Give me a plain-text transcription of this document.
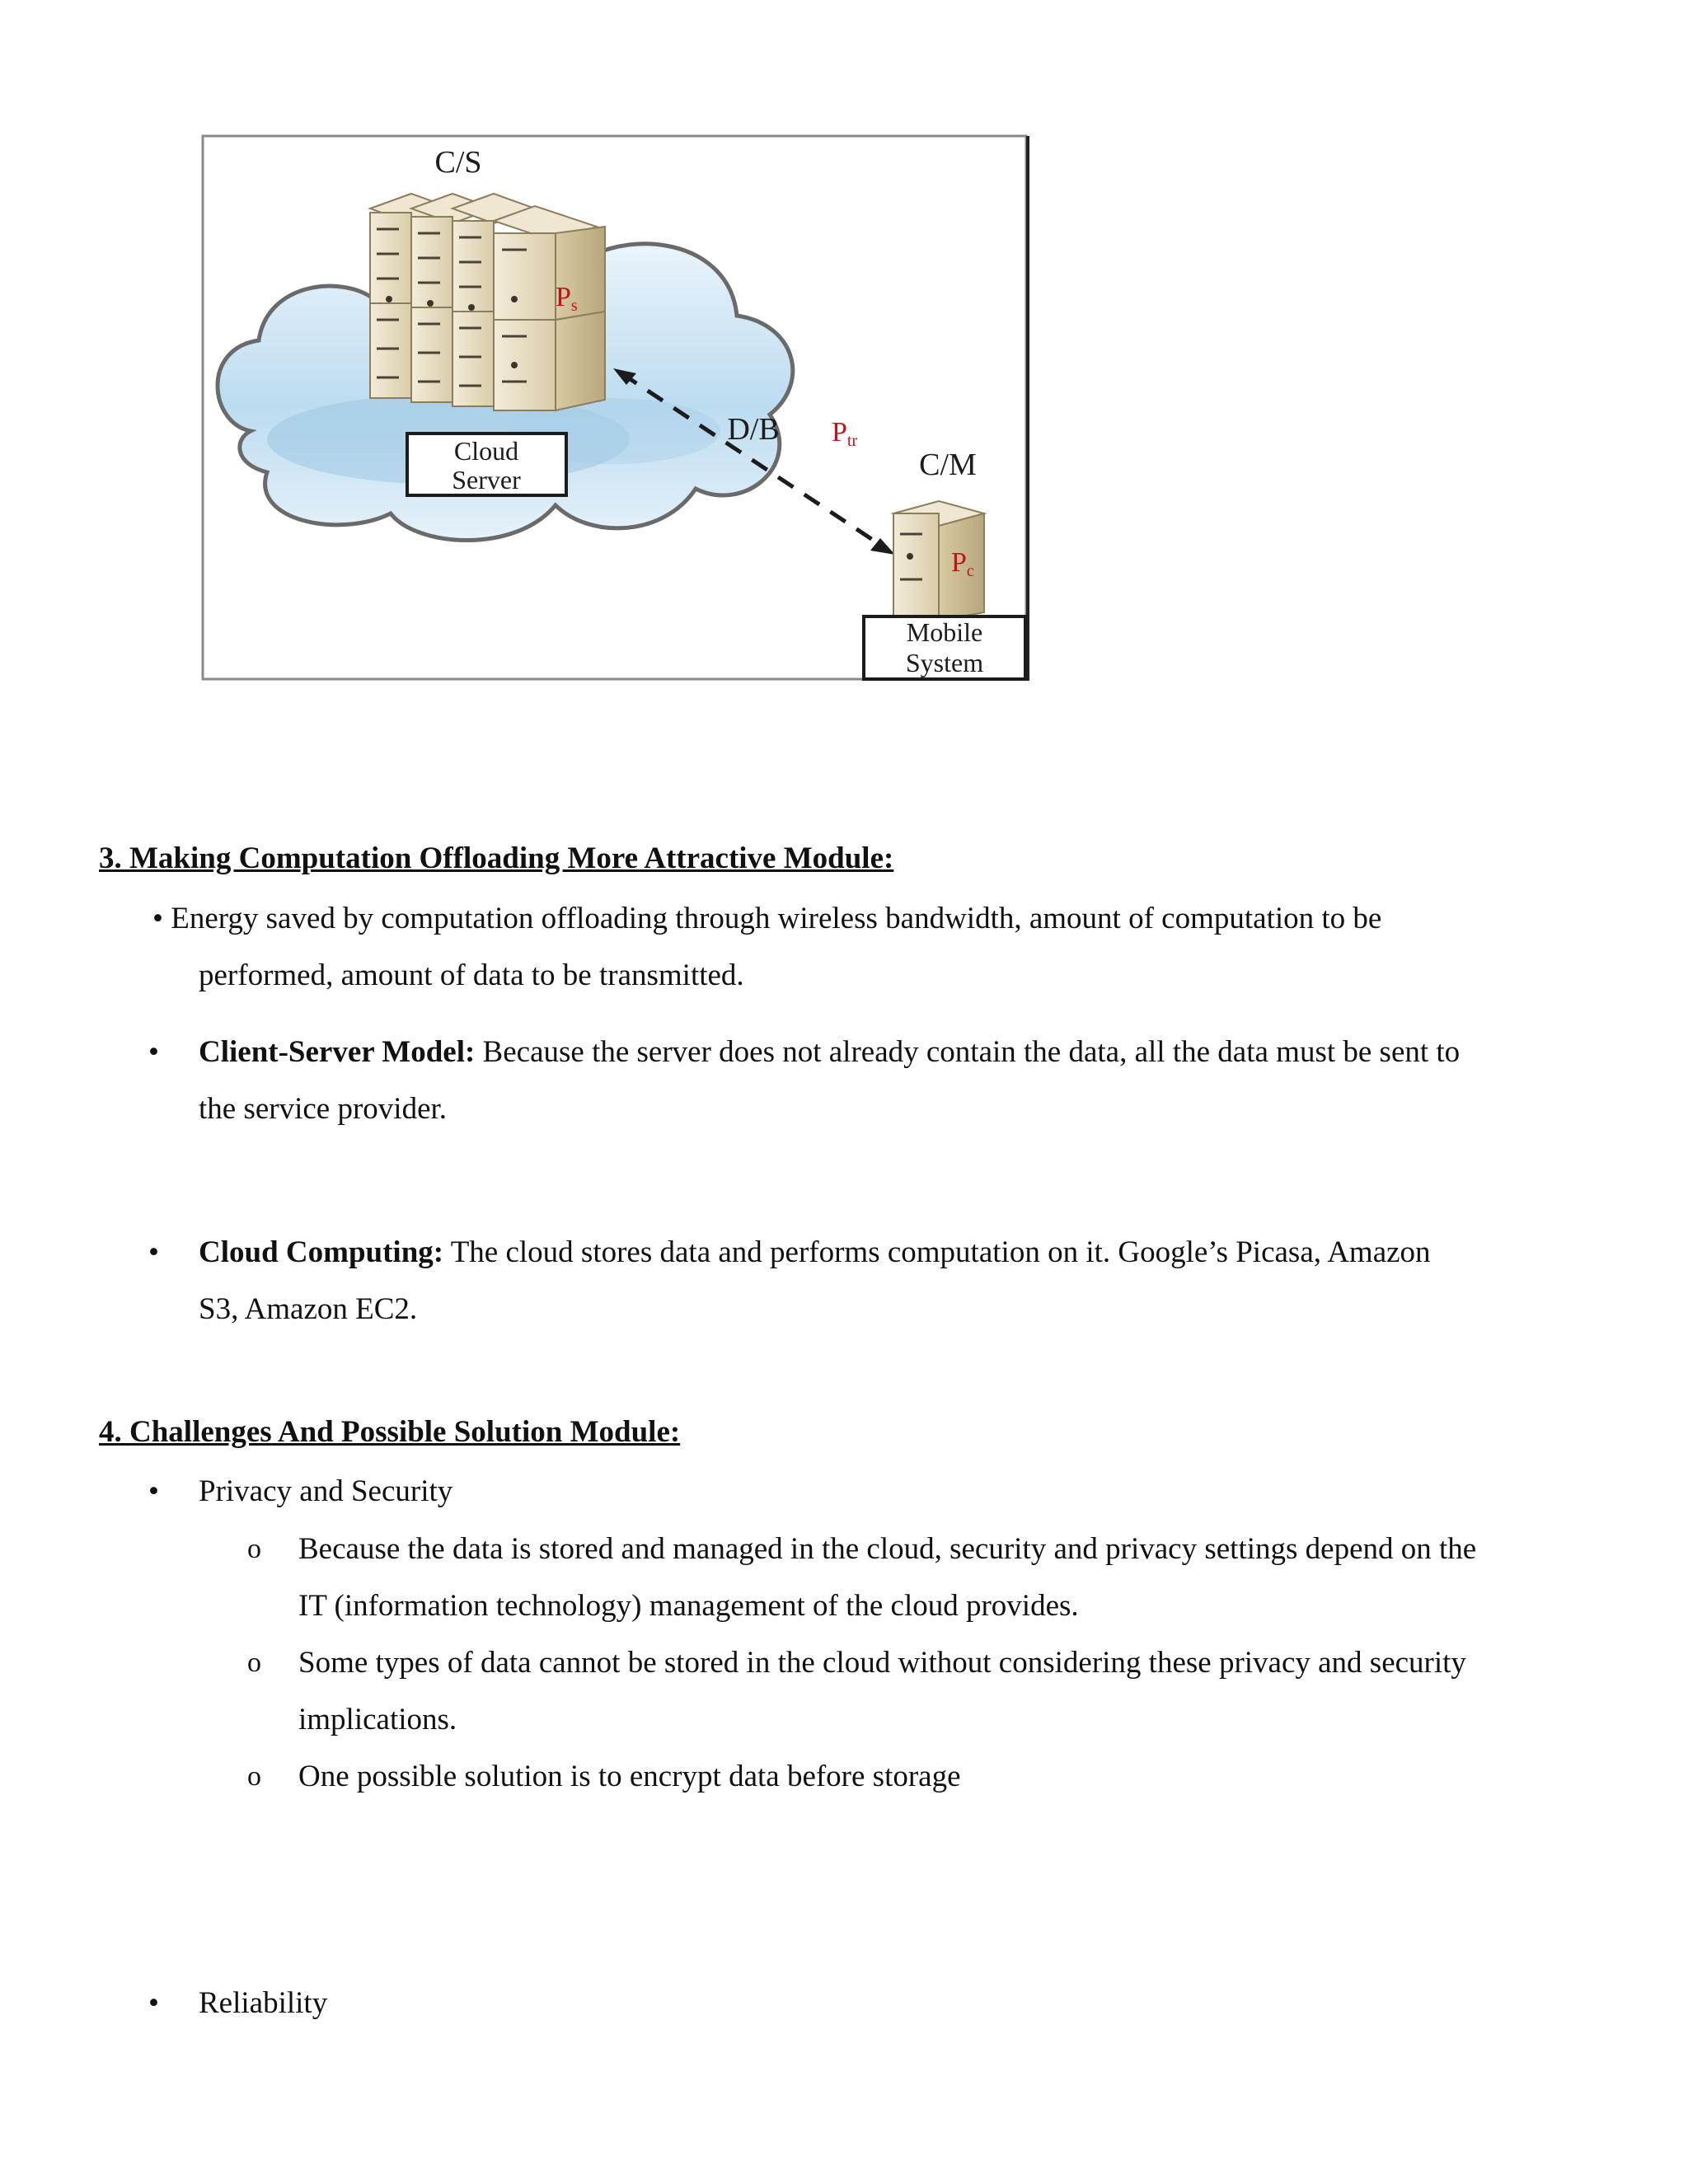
C/S
Ps
Cloud
Server
D/B Ptr
C/M
Pc
Mobile
System
3. Making Computation Offloading More Attractive Module:
• Energy saved by computation offloading through wireless bandwidth, amount of computation to be
performed, amount of data to be transmitted.
• Client-Server Model: Because the server does not already contain the data, all the data must be sent to
the service provider.
• Cloud Computing: The cloud stores data and performs computation on it. Google’s Picasa, Amazon
S3, Amazon EC2.
4. Challenges And Possible Solution Module:
• Privacy and Security
o Because the data is stored and managed in the cloud, security and privacy settings depend on the
IT (information technology) management of the cloud provides.
o Some types of data cannot be stored in the cloud without considering these privacy and security
implications.
o One possible solution is to encrypt data before storage
• Reliability
